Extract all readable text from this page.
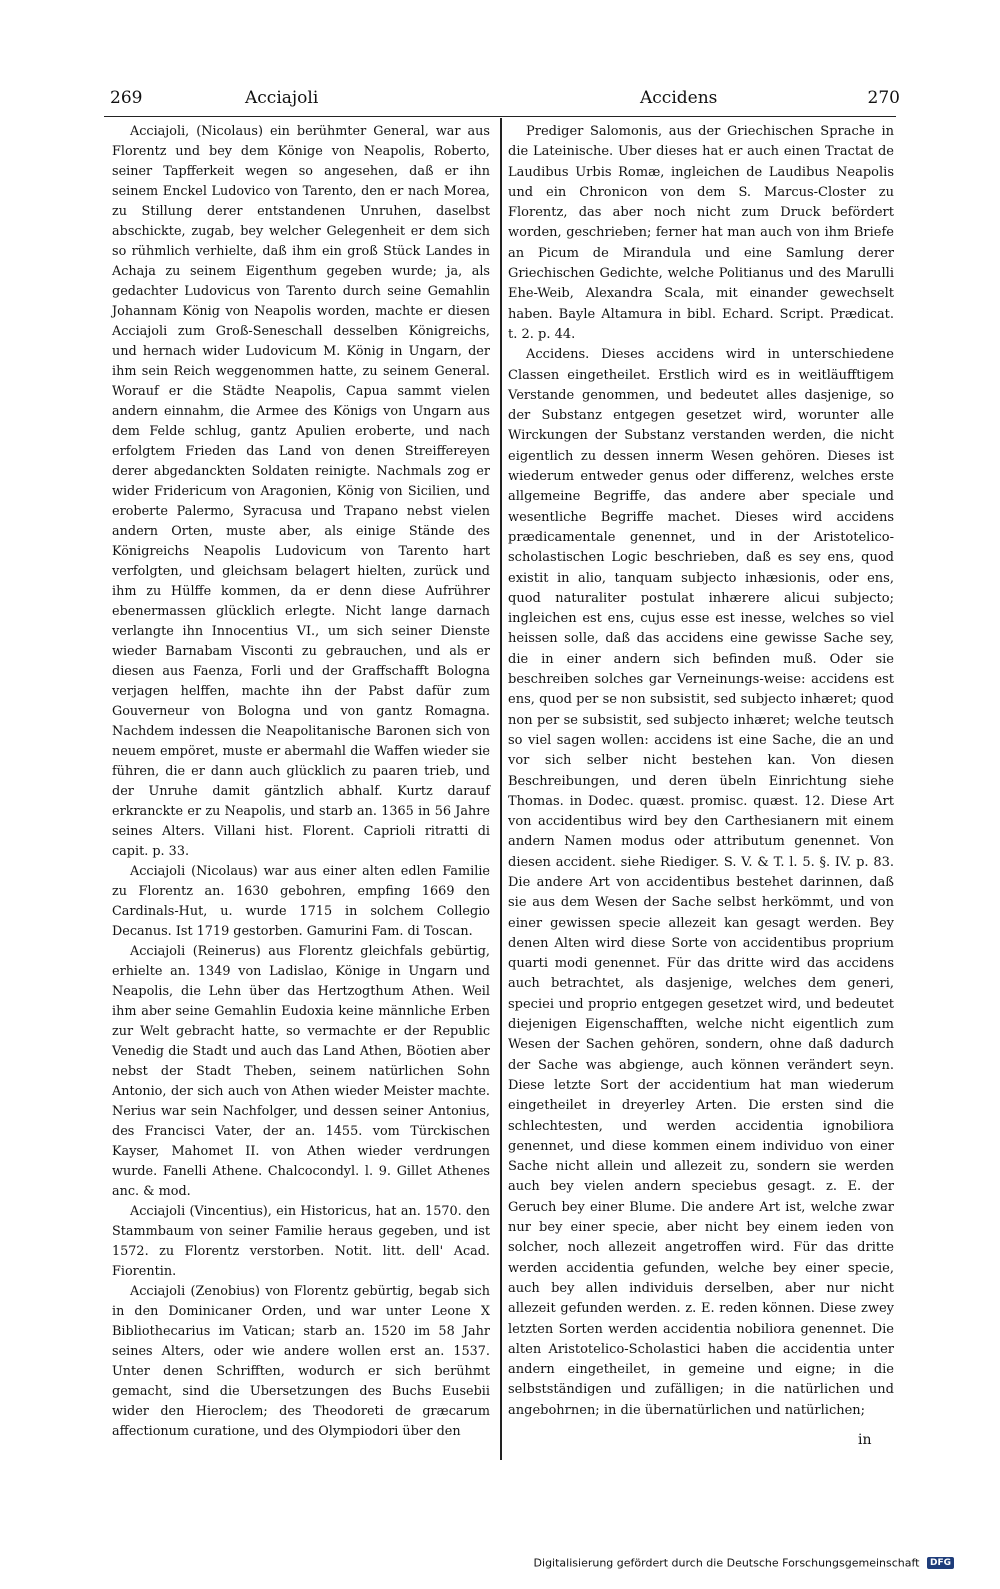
269	Acciajoli	Accidens	270

Acciajoli, (Nicolaus) ein berühmter General, war aus Florentz und bey dem Könige von Neapolis, Roberto, seiner Tapfferkeit wegen so angesehen, daß er ihn seinem Enckel Ludovico von Tarento, den er nach Morea, zu Stillung derer entstandenen Unruhen, daselbst abschickte, zugab, bey welcher Gelegenheit er dem sich so rühmlich verhielte, daß ihm ein groß Stück Landes in Achaja zu seinem Eigenthum gegeben wurde; ja, als gedachter Ludovicus von Tarento durch seine Gemahlin Johannam König von Neapolis worden, machte er diesen Acciajoli zum Groß-Seneschall desselben Königreichs, und hernach wider Ludovicum M. König in Ungarn, der ihm sein Reich weggenommen hatte, zu seinem General. Worauf er die Städte Neapolis, Capua sammt vielen andern einnahm, die Armee des Königs von Ungarn aus dem Felde schlug, gantz Apulien eroberte, und nach erfolgtem Frieden das Land von denen Streiffereyen derer abgedanckten Soldaten reinigte. Nachmals zog er wider Fridericum von Aragonien, König von Sicilien, und eroberte Palermo, Syracusa und Trapano nebst vielen andern Orten, muste aber, als einige Stände des Königreichs Neapolis Ludovicum von Tarento hart verfolgten, und gleichsam belagert hielten, zurück und ihm zu Hülffe kommen, da er denn diese Aufrührer ebenermassen glücklich erlegte. Nicht lange darnach verlangte ihn Innocentius VI., um sich seiner Dienste wieder Barnabam Visconti zu gebrauchen, und als er diesen aus Faenza, Forli und der Graffschafft Bologna verjagen helffen, machte ihn der Pabst dafür zum Gouverneur von Bologna und von gantz Romagna. Nachdem indessen die Neapolitanische Baronen sich von neuem empöret, muste er abermahl die Waffen wieder sie führen, die er dann auch glücklich zu paaren trieb, und der Unruhe damit gäntzlich abhalf. Kurtz darauf erkranckte er zu Neapolis, und starb an. 1365 in 56 Jahre seines Alters. Villani hist. Florent. Caprioli ritratti di capit. p. 33.

Acciajoli (Nicolaus) war aus einer alten edlen Familie zu Florentz an. 1630 gebohren, empfing 1669 den Cardinals-Hut, u. wurde 1715 in solchem Collegio Decanus. Ist 1719 gestorben. Gamurini Fam. di Toscan.

Acciajoli (Reinerus) aus Florentz gleichfals gebürtig, erhielte an. 1349 von Ladislao, Könige in Ungarn und Neapolis, die Lehn über das Hertzogthum Athen. Weil ihm aber seine Gemahlin Eudoxia keine männliche Erben zur Welt gebracht hatte, so vermachte er der Republic Venedig die Stadt und auch das Land Athen, Böotien aber nebst der Stadt Theben, seinem natürlichen Sohn Antonio, der sich auch von Athen wieder Meister machte. Nerius war sein Nachfolger, und dessen seiner Antonius, des Francisci Vater, der an. 1455. vom Türckischen Kayser, Mahomet II. von Athen wieder verdrungen wurde. Fanelli Athene. Chalcocondyl. l. 9. Gillet Athenes anc. & mod.

Acciajoli (Vincentius), ein Historicus, hat an. 1570. den Stammbaum von seiner Familie heraus gegeben, und ist 1572. zu Florentz verstorben. Notit. litt. dell' Acad. Fiorentin.

Acciajoli (Zenobius) von Florentz gebürtig, begab sich in den Dominicaner Orden, und war unter Leone X Bibliothecarius im Vatican; starb an. 1520 im 58 Jahr seines Alters, oder wie andere wollen erst an. 1537. Unter denen Schrifften, wodurch er sich berühmt gemacht, sind die Ubersetzungen des Buchs Eusebii wider den Hieroclem; des Theodoreti de græcarum affectionum curatione, und des Olympiodori über den

Prediger Salomonis, aus der Griechischen Sprache in die Lateinische. Uber dieses hat er auch einen Tractat de Laudibus Urbis Romæ, ingleichen de Laudibus Neapolis und ein Chronicon von dem S. Marcus-Closter zu Florentz, das aber noch nicht zum Druck befördert worden, geschrieben; ferner hat man auch von ihm Briefe an Picum de Mirandula und eine Samlung derer Griechischen Gedichte, welche Politianus und des Marulli Ehe-Weib, Alexandra Scala, mit einander gewechselt haben. Bayle Altamura in bibl. Echard. Script. Prædicat. t. 2. p. 44.

Accidens. Dieses accidens wird in unterschiedene Classen eingetheilet. Erstlich wird es in weitläufftigem Verstande genommen, und bedeutet alles dasjenige, so der Substanz entgegen gesetzet wird, worunter alle Wirckungen der Substanz verstanden werden, die nicht eigentlich zu dessen innerm Wesen gehören. Dieses ist wiederum entweder genus oder differenz, welches erste allgemeine Begriffe, das andere aber speciale und wesentliche Begriffe machet. Dieses wird accidens prædicamentale genennet, und in der Aristotelico-scholastischen Logic beschrieben, daß es sey ens, quod existit in alio, tanquam subjecto inhæsionis, oder ens, quod naturaliter postulat inhærere alicui subjecto; ingleichen est ens, cujus esse est inesse, welches so viel heissen solle, daß das accidens eine gewisse Sache sey, die in einer andern sich befinden muß. Oder sie beschreiben solches gar Verneinungs-weise: accidens est ens, quod per se non subsistit, sed subjecto inhæret; quod non per se subsistit, sed subjecto inhæret; welche teutsch so viel sagen wollen: accidens ist eine Sache, die an und vor sich selber nicht bestehen kan. Von diesen Beschreibungen, und deren übeln Einrichtung siehe Thomas. in Dodec. quæst. promisc. quæst. 12. Diese Art von accidentibus wird bey den Carthesianern mit einem andern Namen modus oder attributum genennet. Von diesen accident. siehe Riediger. S. V. & T. l. 5. §. IV. p. 83. Die andere Art von accidentibus bestehet darinnen, daß sie aus dem Wesen der Sache selbst herkömmt, und von einer gewissen specie allezeit kan gesagt werden. Bey denen Alten wird diese Sorte von accidentibus proprium quarti modi genennet. Für das dritte wird das accidens auch betrachtet, als dasjenige, welches dem generi, speciei und proprio entgegen gesetzet wird, und bedeutet diejenigen Eigenschafften, welche nicht eigentlich zum Wesen der Sachen gehören, sondern, ohne daß dadurch der Sache was abgienge, auch können verändert seyn. Diese letzte Sort der accidentium hat man wiederum eingetheilet in dreyerley Arten. Die ersten sind die schlechtesten, und werden accidentia ignobiliora genennet, und diese kommen einem individuo von einer Sache nicht allein und allezeit zu, sondern sie werden auch bey vielen andern speciebus gesagt. z. E. der Geruch bey einer Blume. Die andere Art ist, welche zwar nur bey einer specie, aber nicht bey einem ieden von solcher, noch allezeit angetroffen wird. Für das dritte werden accidentia gefunden, welche bey einer specie, auch bey allen individuis derselben, aber nur nicht allezeit gefunden werden. z. E. reden können. Diese zwey letzten Sorten werden accidentia nobiliora genennet. Die alten Aristotelico-Scholastici haben die accidentia unter andern eingetheilet, in gemeine und eigne; in die selbstständigen und zufälligen; in die natürlichen und angebohrnen; in die übernatürlichen und natürlichen;

in
Digitalisierung gefördert durch die Deutsche Forschungsgemeinschaft DFG
